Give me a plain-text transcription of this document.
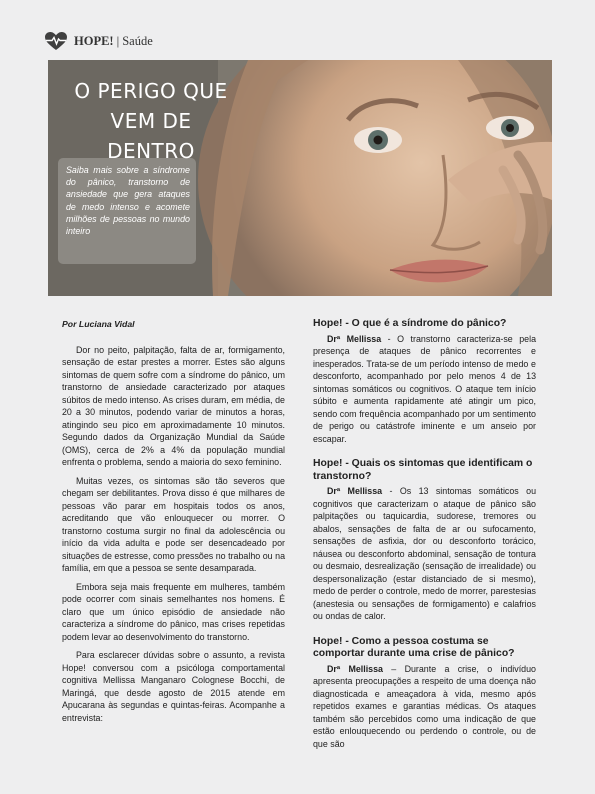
HOPE! | Saúde
O PERIGO QUE VEM DE DENTRO
Saiba mais sobre a síndrome do pânico, transtorno de ansiedade que gera ataques de medo intenso e acomete milhões de pessoas no mundo inteiro
Por Luciana Vidal

Dor no peito, palpitação, falta de ar, formigamento, sensação de estar prestes a morrer. Estes são alguns sintomas de quem sofre com a síndrome do pânico, um transtorno de ansiedade caracterizado por ataques súbitos de medo intenso. As crises duram, em média, de 20 a 30 minutos, podendo variar de minutos a horas, atingindo seu pico em aproximadamente 10 minutos. Segundo dados da Organização Mundial da Saúde (OMS), cerca de 2% a 4% da população mundial enfrenta o problema, sendo a maioria do sexo feminino.

Muitas vezes, os sintomas são tão severos que chegam ser debilitantes. Prova disso é que milhares de pessoas vão parar em hospitais todos os anos, acreditando que vão enlouquecer ou morrer. O transtorno costuma surgir no final da adolescência ou início da vida adulta e pode ser desencadeado por situações de estresse, como pressões no trabalho ou na família, em que a pessoa se sente desamparada.

Embora seja mais frequente em mulheres, também pode ocorrer com sinais semelhantes nos homens. É claro que um único episódio de ansiedade não caracteriza a síndrome do pânico, mas crises repetidas podem levar ao desenvolvimento do transtorno.

Para esclarecer dúvidas sobre o assunto, a revista Hope! conversou com a psicóloga comportamental cognitiva Mellissa Manganaro Colognese Bocchi, de Maringá, que desde agosto de 2015 atende em Apucarana às segundas e quintas-feiras. Acompanhe a entrevista:

Hope! - O que é a síndrome do pânico?

Drª Mellissa - O transtorno caracteriza-se pela presença de ataques de pânico recorrentes e inesperados. Trata-se de um período intenso de medo e desconforto, acompanhado por pelo menos 4 de 13 sintomas somáticos ou cognitivos. O ataque tem início súbito e aumenta rapidamente até atingir um pico, sendo com frequência acompanhado por um sentimento de perigo ou catástrofe iminente e um anseio por escapar.

Hope! - Quais os sintomas que identificam o transtorno?

Drª Mellissa - Os 13 sintomas somáticos ou cognitivos que caracterizam o ataque de pânico são palpitações ou taquicardia, sudorese, tremores ou abalos, sensações de falta de ar ou sufocamento, sensações de asfixia, dor ou desconforto torácico, náusea ou desconforto abdominal, sensação de tontura ou desmaio, desrealização (sensação de irrealidade) ou despersonalização (estar distanciado de si mesmo), medo de perder o controle, medo de morrer, parestesias (anestesia ou sensações de formigamento) e calafrios ou ondas de calor.

Hope! - Como a pessoa costuma se comportar durante uma crise de pânico?

Drª Mellissa – Durante a crise, o indivíduo apresenta preocupações a respeito de uma doença não diagnosticada e ameaçadora à vida, mesmo após repetidos exames e garantias médicas. Os ataques também são percebidos como uma indicação de que estão enlouquecendo ou perdendo o controle, ou de que são
